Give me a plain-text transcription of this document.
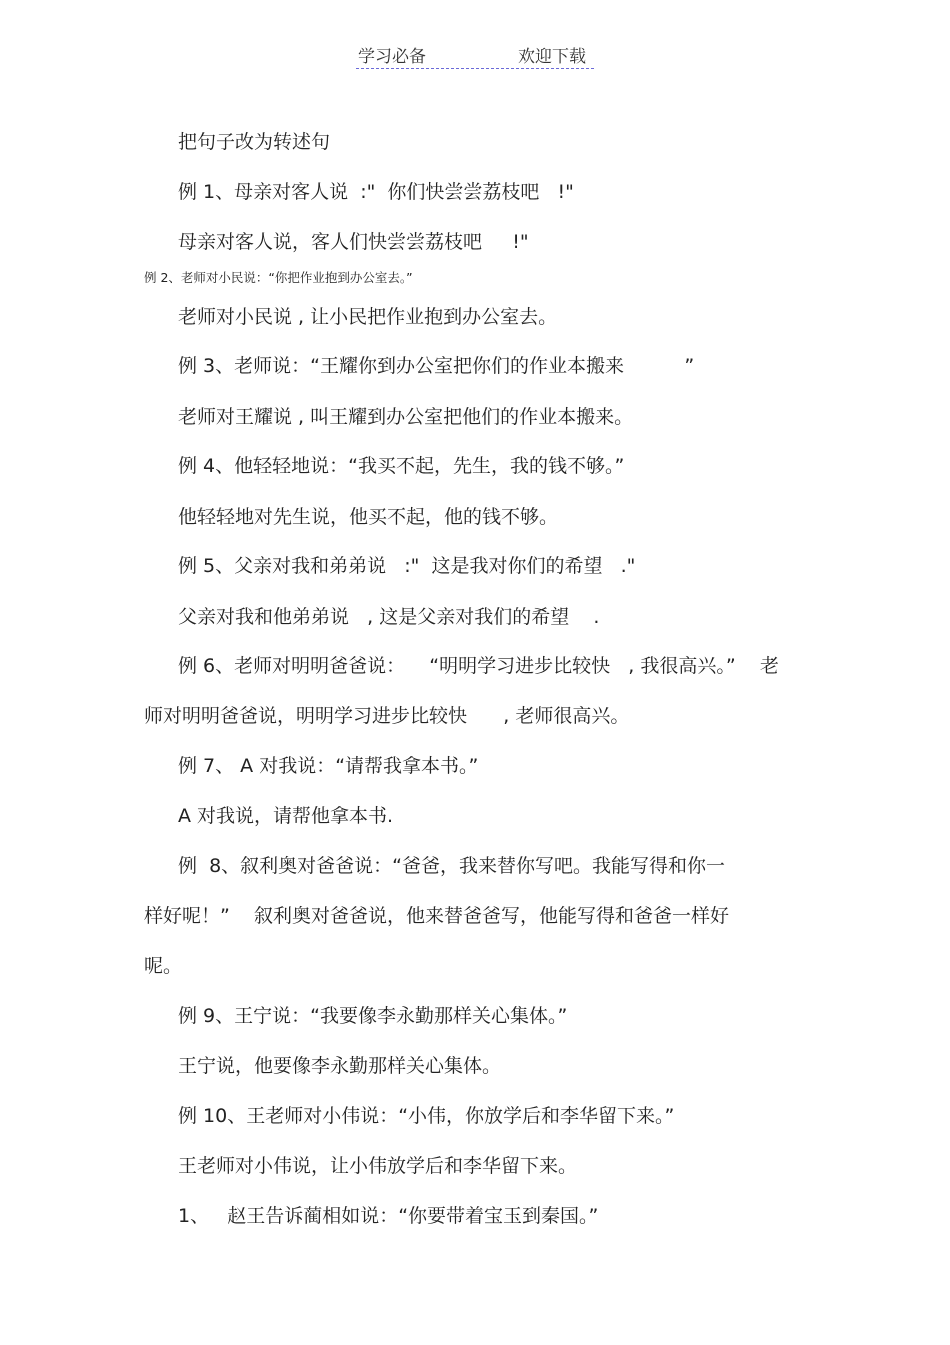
学习必备	欢迎下载
把句子改为转述句
例 1、母亲对客人说  :"  你们快尝尝荔枝吧   !"
母亲对客人说，客人们快尝尝荔枝吧     !"
例 2、老师对小民说：“你把作业抱到办公室去。”
老师对小民说 , 让小民把作业抱到办公室去。
例 3、老师说：“王耀你到办公室把你们的作业本搬来          ”
老师对王耀说 , 叫王耀到办公室把他们的作业本搬来。
例 4、他轻轻地说：“我买不起，先生，我的钱不够。”
他轻轻地对先生说，他买不起，他的钱不够。
例 5、父亲对我和弟弟说   :"  这是我对你们的希望   ."
父亲对我和他弟弟说   , 这是父亲对我们的希望    .
例 6、老师对明明爸爸说：    “明明学习进步比较快   , 我很高兴。”    老
师对明明爸爸说，明明学习进步比较快      , 老师很高兴。
例 7、 A 对我说：“请帮我拿本书。”
A 对我说，请帮他拿本书.
例  8、叙利奥对爸爸说：“爸爸，我来替你写吧。我能写得和你一
样好呢！”    叙利奥对爸爸说，他来替爸爸写，他能写得和爸爸一样好
呢。
例 9、王宁说：“我要像李永勤那样关心集体。”
王宁说，他要像李永勤那样关心集体。
例 10、王老师对小伟说：“小伟，你放学后和李华留下来。”
王老师对小伟说，让小伟放学后和李华留下来。
1、   赵王告诉蔺相如说：“你要带着宝玉到秦国。”
